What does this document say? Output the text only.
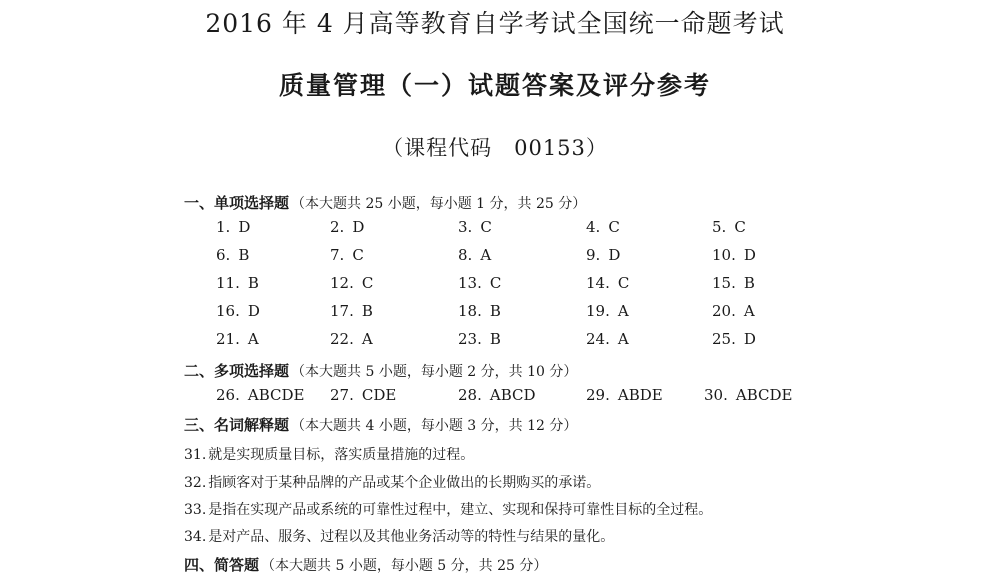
2016 年 4 月高等教育自学考试全国统一命题考试
质量管理（一）试题答案及评分参考
（课程代码 00153）
一、单项选择题 （本大题共 25 小题，每小题 1 分，共 25 分）
1. D	2. D	3. C	4. C	5. C
6. B	7. C	8. A	9. D	10. D
11. B	12. C	13. C	14. C	15. B
16. D	17. B	18. B	19. A	20. A
21. A	22. A	23. B	24. A	25. D
二、多项选择题 （本大题共 5 小题，每小题 2 分，共 10 分）
26. ABCDE 27. CDE	28. ABCD	29. ABDE	30. ABCDE
三、名词解释题 （本大题共 4 小题，每小题 3 分，共 12 分）
31. 就是实现质量目标，落实质量措施的过程。
32. 指顾客对于某种品牌的产品或某个企业做出的长期购买的承诺。
33. 是指在实现产品或系统的可靠性过程中，建立、实现和保持可靠性目标的全过程。
34. 是对产品、服务、过程以及其他业务活动等的特性与结果的量化。
四、简答题 （本大题共 5 小题，每小题 5 分，共 25 分）
